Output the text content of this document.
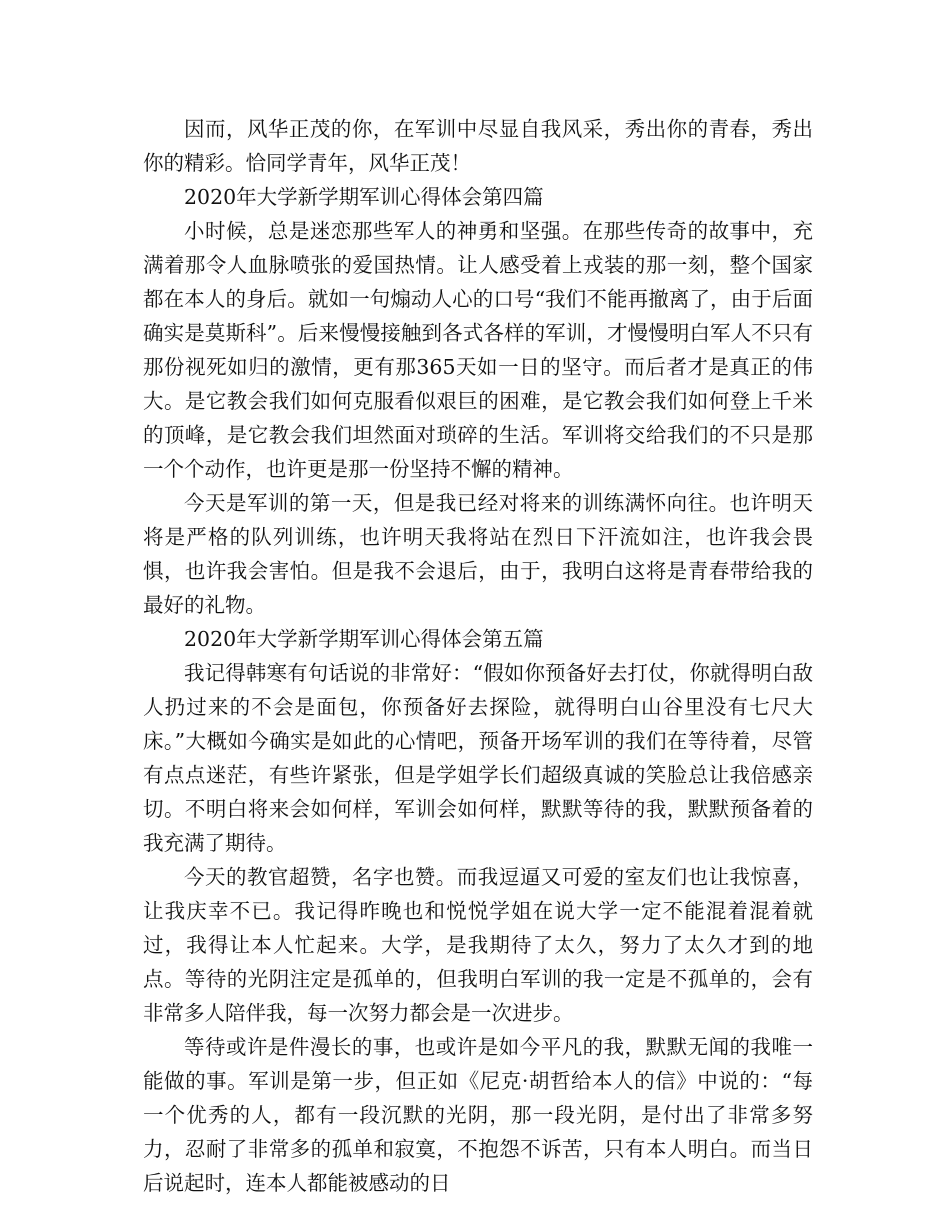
因而，风华正茂的你，在军训中尽显自我风采，秀出你的青春，秀出你的精彩。恰同学青年，风华正茂！

2020年大学新学期军训心得体会第四篇

小时候，总是迷恋那些军人的神勇和坚强。在那些传奇的故事中，充满着那令人血脉喷张的爱国热情。让人感受着上戎装的那一刻，整个国家都在本人的身后。就如一句煽动人心的口号“我们不能再撤离了，由于后面确实是莫斯科”。后来慢慢接触到各式各样的军训，才慢慢明白军人不只有那份视死如归的激情，更有那365天如一日的坚守。而后者才是真正的伟大。是它教会我们如何克服看似艰巨的困难，是它教会我们如何登上千米的顶峰，是它教会我们坦然面对琐碎的生活。军训将交给我们的不只是那一个个动作，也许更是那一份坚持不懈的精神。

今天是军训的第一天，但是我已经对将来的训练满怀向往。也许明天将是严格的队列训练，也许明天我将站在烈日下汗流如注，也许我会畏惧，也许我会害怕。但是我不会退后，由于，我明白这将是青春带给我的最好的礼物。

2020年大学新学期军训心得体会第五篇

我记得韩寒有句话说的非常好：“假如你预备好去打仗，你就得明白敌人扔过来的不会是面包，你预备好去探险，就得明白山谷里没有七尺大床。”大概如今确实是如此的心情吧，预备开场军训的我们在等待着，尽管有点点迷茫，有些许紧张，但是学姐学长们超级真诚的笑脸总让我倍感亲切。不明白将来会如何样，军训会如何样，默默等待的我，默默预备着的我充满了期待。

今天的教官超赞，名字也赞。而我逗逼又可爱的室友们也让我惊喜，让我庆幸不已。我记得昨晚也和悦悦学姐在说大学一定不能混着混着就过，我得让本人忙起来。大学，是我期待了太久，努力了太久才到的地点。等待的光阴注定是孤单的，但我明白军训的我一定是不孤单的，会有非常多人陪伴我，每一次努力都会是一次进步。

等待或许是件漫长的事，也或许是如今平凡的我，默默无闻的我唯一能做的事。军训是第一步，但正如《尼克·胡哲给本人的信》中说的：“每一个优秀的人，都有一段沉默的光阴，那一段光阴，是付出了非常多努力，忍耐了非常多的孤单和寂寞，不抱怨不诉苦，只有本人明白。而当日后说起时，连本人都能被感动的日
